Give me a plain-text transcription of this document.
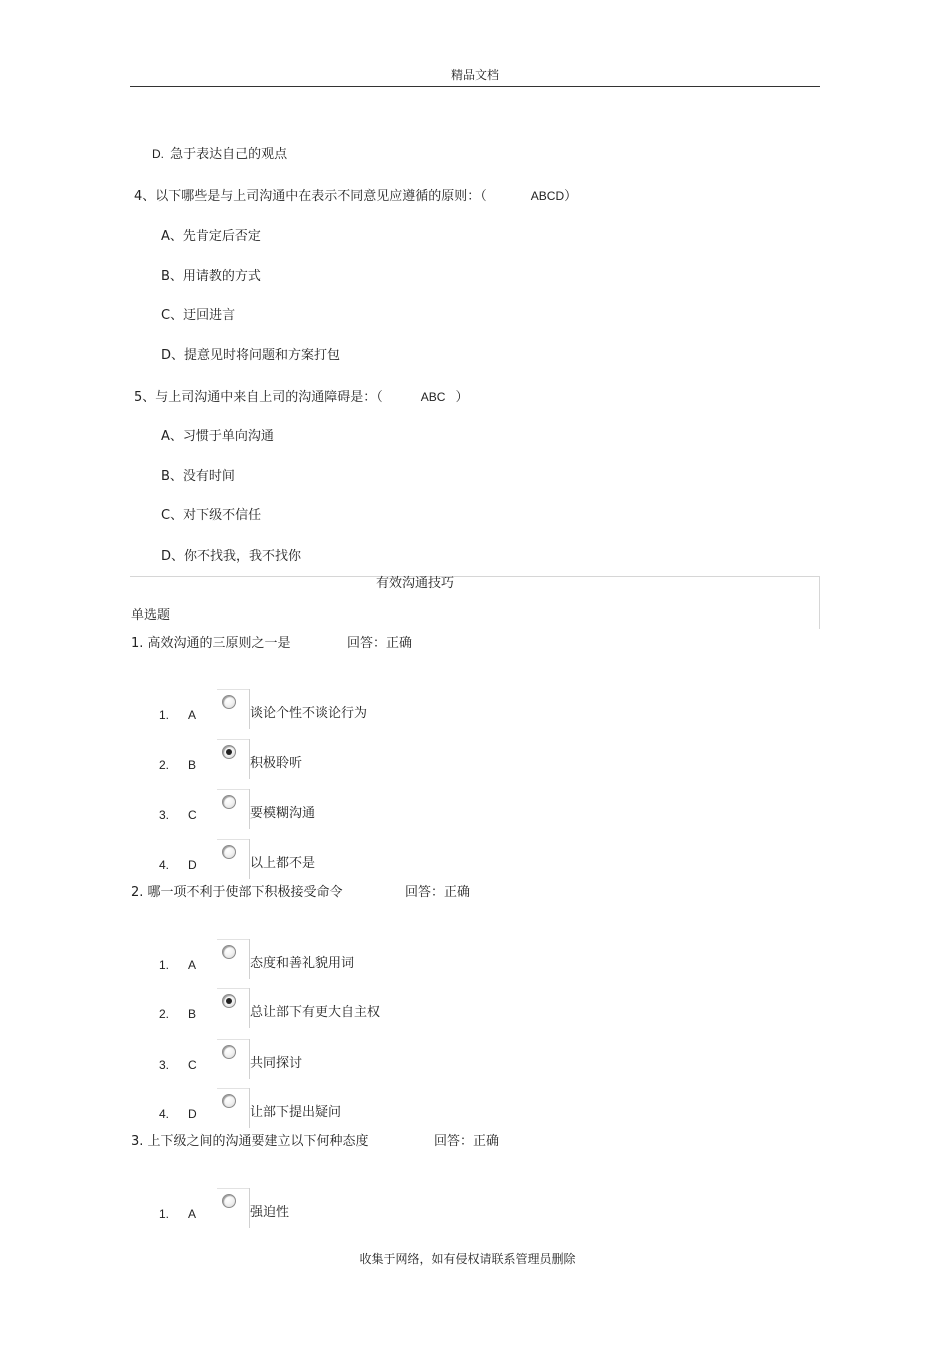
精品文档
D. 急于表达自己的观点
4、以下哪些是与上司沟通中在表示不同意见应遵循的原则：（	ABCD）
A、先肯定后否定
B、用请教的方式
C、迂回进言
D、提意见时将问题和方案打包
5、与上司沟通中来自上司的沟通障碍是：（	ABC ）
A、习惯于单向沟通
B、没有时间
C、对下级不信任
D、你不找我，我不找你
有效沟通技巧
单选题
1. 高效沟通的三原则之一是	回答：正确
1. A	谈论个性不谈论行为
2. B	积极聆听
3. C	要模糊沟通
4. D	以上都不是
2. 哪一项不利于使部下积极接受命令	回答：正确
1. A	态度和善礼貌用词
2. B	总让部下有更大自主权
3. C	共同探讨
4. D	让部下提出疑问
3. 上下级之间的沟通要建立以下何种态度	回答：正确
1. A	强迫性
收集于网络，如有侵权请联系管理员删除
